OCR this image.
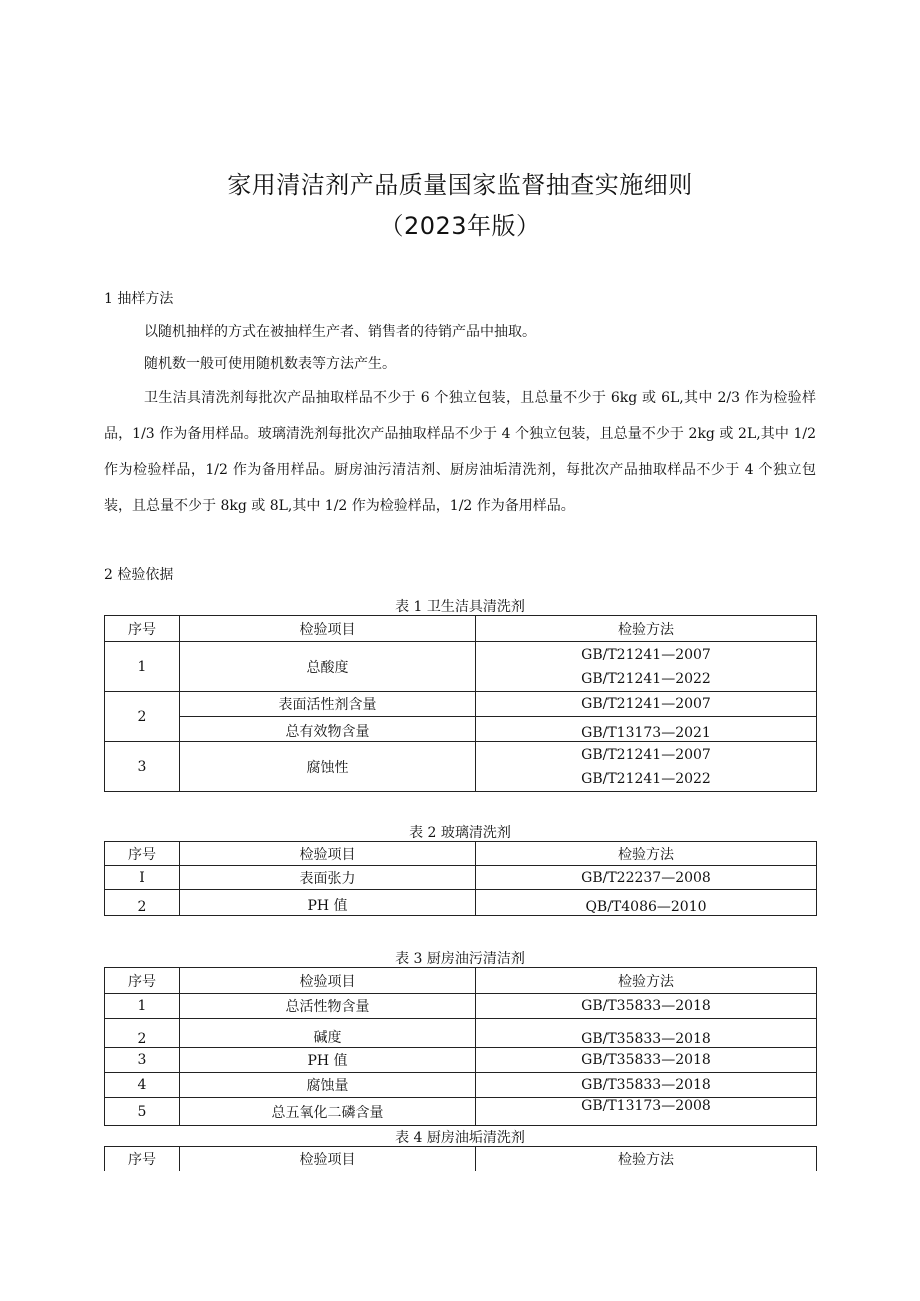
家用清洁剂产品质量国家监督抽查实施细则
（2023年版）
1 抽样方法
以随机抽样的方式在被抽样生产者、销售者的待销产品中抽取。
随机数一般可使用随机数表等方法产生。
卫生洁具清洗剂每批次产品抽取样品不少于 6 个独立包装，且总量不少于 6kg 或 6L,其中 2/3 作为检验样品，1/3 作为备用样品。玻璃清洗剂每批次产品抽取样品不少于 4 个独立包装，且总量不少于 2kg 或 2L,其中 1/2 作为检验样品，1/2 作为备用样品。厨房油污清洁剂、厨房油垢清洗剂，每批次产品抽取样品不少于 4 个独立包装，且总量不少于 8kg 或 8L,其中 1/2 作为检验样品，1/2 作为备用样品。
2 检验依据
表 1 卫生洁具清洗剂
序号	检验项目	检验方法
1	总酸度	GB/T21241—2007
GB/T21241—2022

2	表面活性剂含量	GB/T21241—2007
	总有效物含量	GB/T13173—2021
3	腐蚀性	GB/T21241—2007
GB/T21241—2022
表 2 玻璃清洗剂
序号	检验项目	检验方法
I	表面张力	GB/T22237—2008
2	PH 值	QB/T4086—2010
表 3 厨房油污清洁剂
序号	检验项目	检验方法
1	总活性物含量	GB/T35833—2018
2	碱度	GB/T35833—2018
3	PH 值	GB/T35833—2018
4	腐蚀量	GB/T35833—2018
5	总五氧化二磷含量	GB/T13173—2008
表 4 厨房油垢清洗剂
序号	检验项目	检验方法
